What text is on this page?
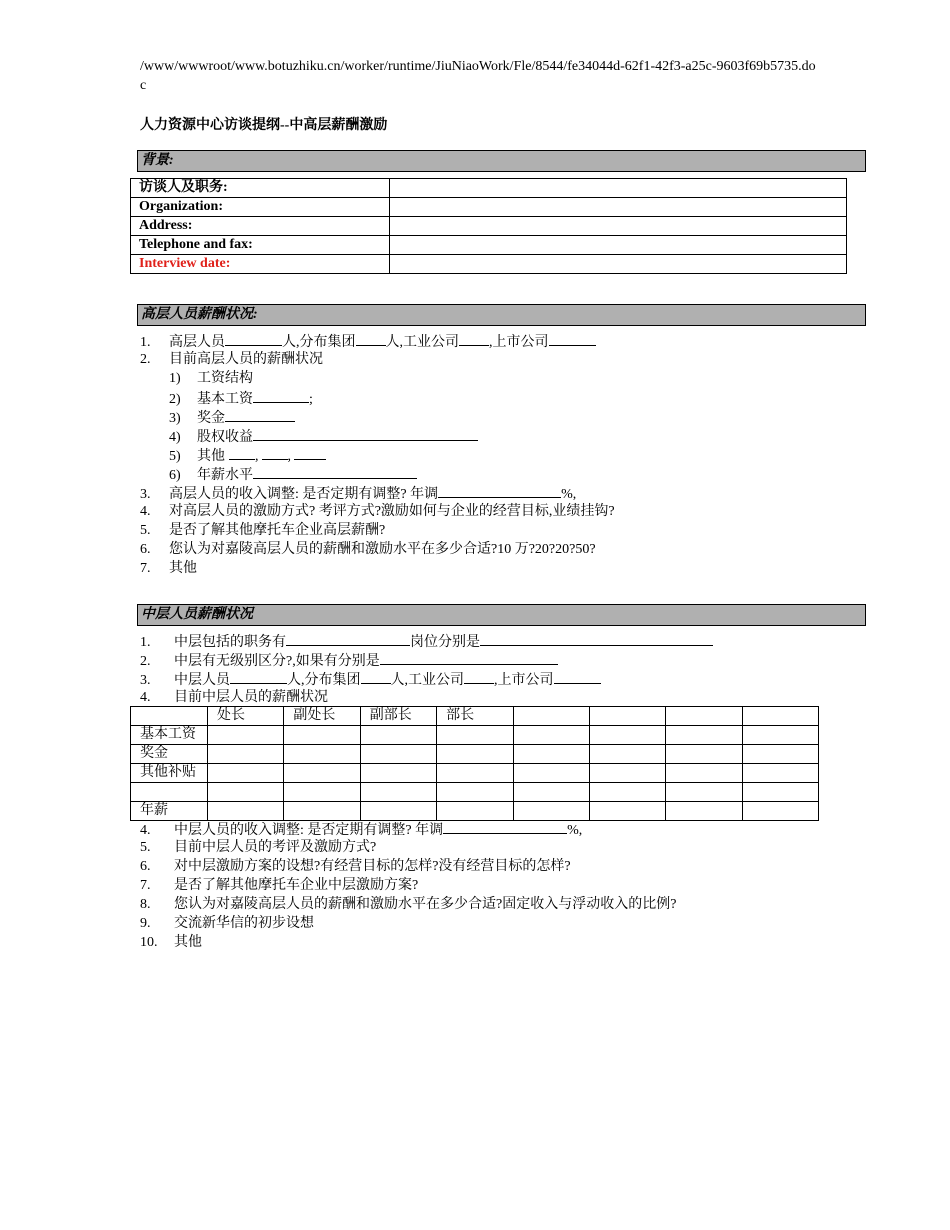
/www/wwwroot/www.botuzhiku.cn/worker/runtime/JiuNiaoWork/Fle/8544/fe34044d-62f1-42f3-a25c-9603f69b5735.doc
人力资源中心访谈提纲--中高层薪酬激励
背景:
访谈人及职务:	
Organization:	
Address:	
Telephone and fax:	
Interview date:	
高层人员薪酬状况:
1. 高层人员	人,分布集团 人,工业公司 ,上市公司
2. 目前高层人员的薪酬状况
1) 工资结构
2) 基本工资	;
3) 奖金
4) 股权收益
5) 其他 , ,
6) 年薪水平
3. 高层人员的收入调整: 是否定期有调整? 年调	%,
4. 对高层人员的激励方式? 考评方式?激励如何与企业的经营目标,业绩挂钩?
5. 是否了解其他摩托车企业高层薪酬?
6. 您认为对嘉陵高层人员的薪酬和激励水平在多少合适?10 万?20?20?50?
7. 其他
中层人员薪酬状况
1. 中层包括的职务有	岗位分别是
2. 中层有无级别区分?,如果有分别是
3. 中层人员	人,分布集团 人,工业公司 ,上市公司
4. 目前中层人员的薪酬状况
	处长	副处长	副部长	部长				
基本工资								
奖金								
其他补贴								

年薪								
4. 中层人员的收入调整: 是否定期有调整? 年调	%,
5. 目前中层人员的考评及激励方式?
6. 对中层激励方案的设想?有经营目标的怎样?没有经营目标的怎样?
7. 是否了解其他摩托车企业中层激励方案?
8. 您认为对嘉陵高层人员的薪酬和激励水平在多少合适?固定收入与浮动收入的比例?
9. 交流新华信的初步设想
10. 其他
